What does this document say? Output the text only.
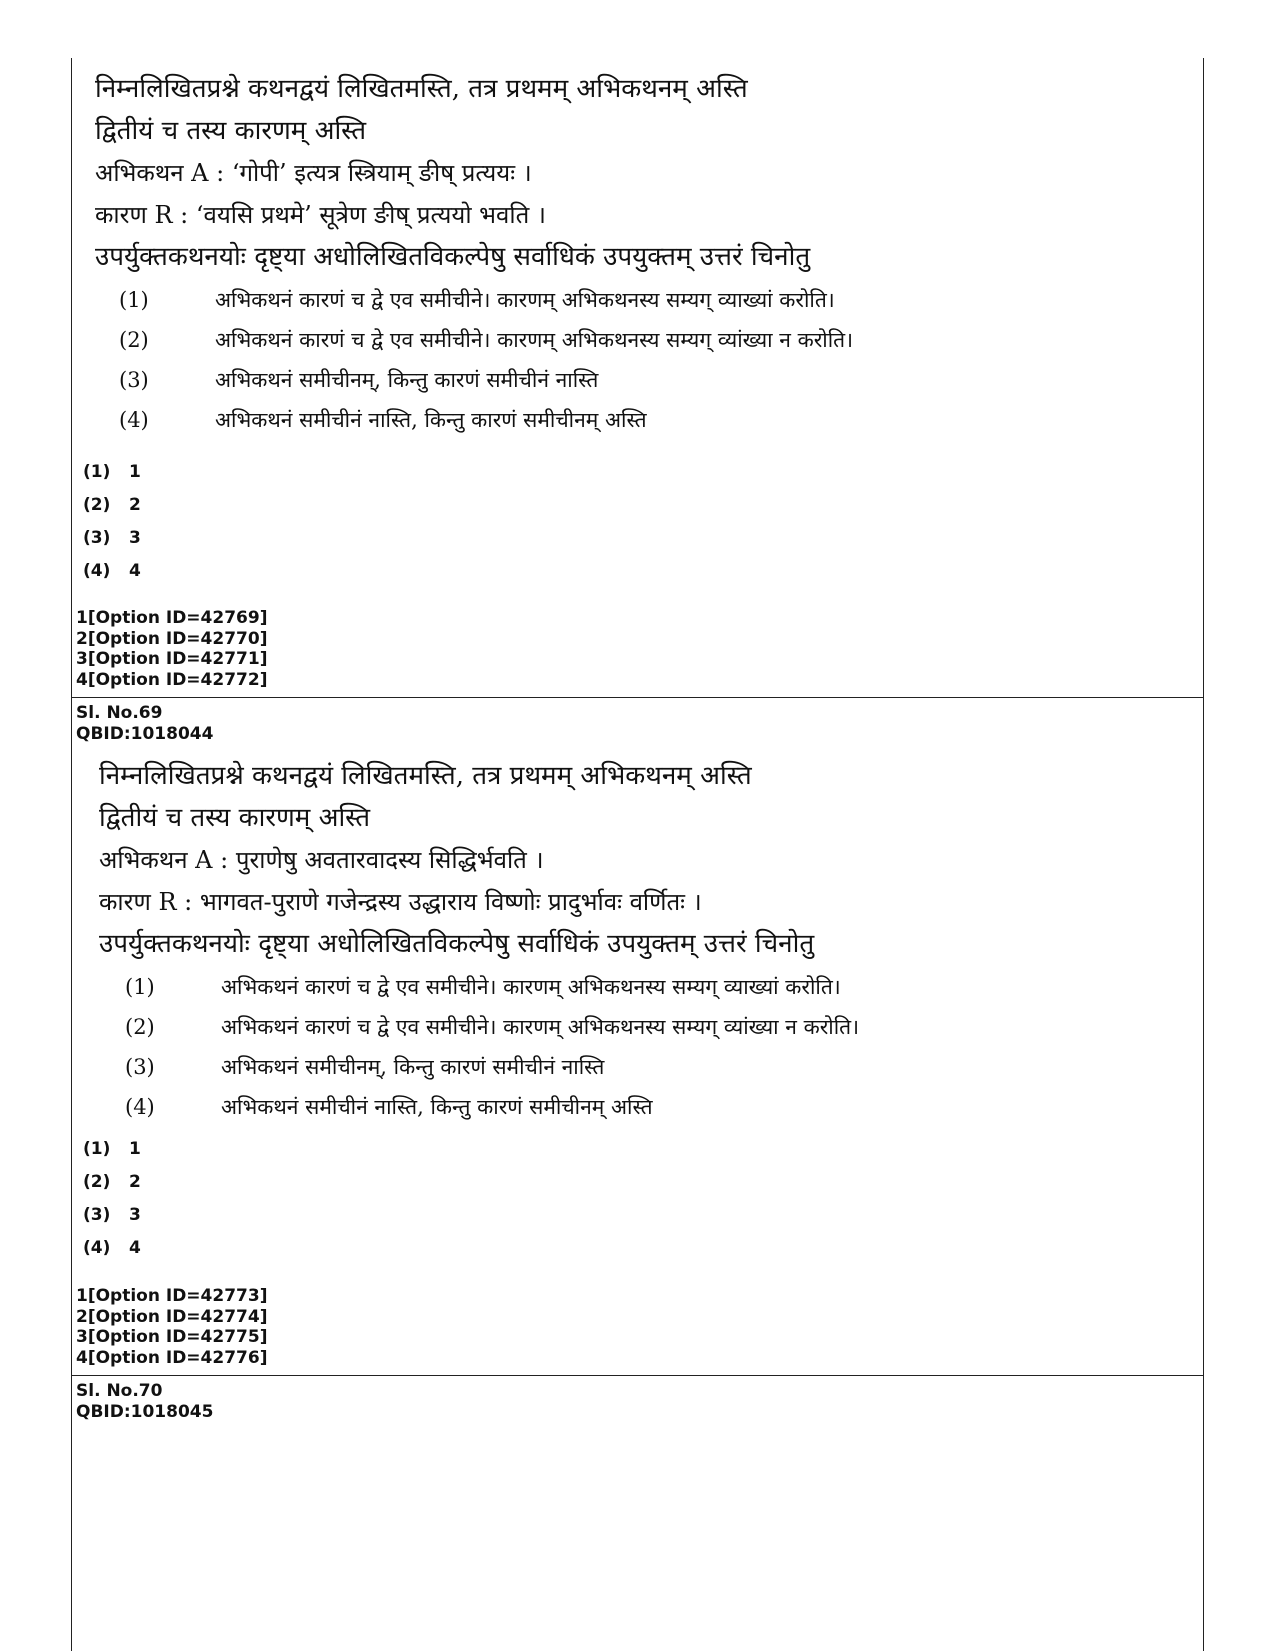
निम्नलिखितप्रश्ने कथनद्वयं लिखितमस्ति, तत्र प्रथमम् अभिकथनम् अस्ति
द्वितीयं च तस्य कारणम् अस्ति
अभिकथन A : ‘गोपी’ इत्यत्र स्त्रियाम् ङीष् प्रत्ययः ।
कारण R : ‘वयसि प्रथमे’ सूत्रेण ङीष् प्रत्ययो भवति ।
उपर्युक्तकथनयोः दृष्ट्या अधोलिखितविकल्पेषु सर्वाधिकं उपयुक्तम् उत्तरं चिनोतु
(1)	अभिकथनं कारणं च द्वे एव समीचीने। कारणम् अभिकथनस्य सम्यग् व्याख्यां करोति।
(2)	अभिकथनं कारणं च द्वे एव समीचीने। कारणम् अभिकथनस्य सम्यग् व्यांख्या न करोति।
(3)	अभिकथनं समीचीनम्, किन्तु कारणं समीचीनं नास्ति
(4)	अभिकथनं समीचीनं नास्ति, किन्तु कारणं समीचीनम् अस्ति
(1) 1
(2) 2
(3) 3
(4) 4
1[Option ID=42769]
2[Option ID=42770]
3[Option ID=42771]
4[Option ID=42772]
Sl. No.69
QBID:1018044
निम्नलिखितप्रश्ने कथनद्वयं लिखितमस्ति, तत्र प्रथमम् अभिकथनम् अस्ति
द्वितीयं च तस्य कारणम् अस्ति
अभिकथन A : पुराणेषु अवतारवादस्य सिद्धिर्भवति ।
कारण R : भागवत-पुराणे गजेन्द्रस्य उद्धाराय विष्णोः प्रादुर्भावः वर्णितः ।
उपर्युक्तकथनयोः दृष्ट्या अधोलिखितविकल्पेषु सर्वाधिकं उपयुक्तम् उत्तरं चिनोतु
(1)	अभिकथनं कारणं च द्वे एव समीचीने। कारणम् अभिकथनस्य सम्यग् व्याख्यां करोति।
(2)	अभिकथनं कारणं च द्वे एव समीचीने। कारणम् अभिकथनस्य सम्यग् व्यांख्या न करोति।
(3)	अभिकथनं समीचीनम्, किन्तु कारणं समीचीनं नास्ति
(4)	अभिकथनं समीचीनं नास्ति, किन्तु कारणं समीचीनम् अस्ति
(1) 1
(2) 2
(3) 3
(4) 4
1[Option ID=42773]
2[Option ID=42774]
3[Option ID=42775]
4[Option ID=42776]
Sl. No.70
QBID:1018045
